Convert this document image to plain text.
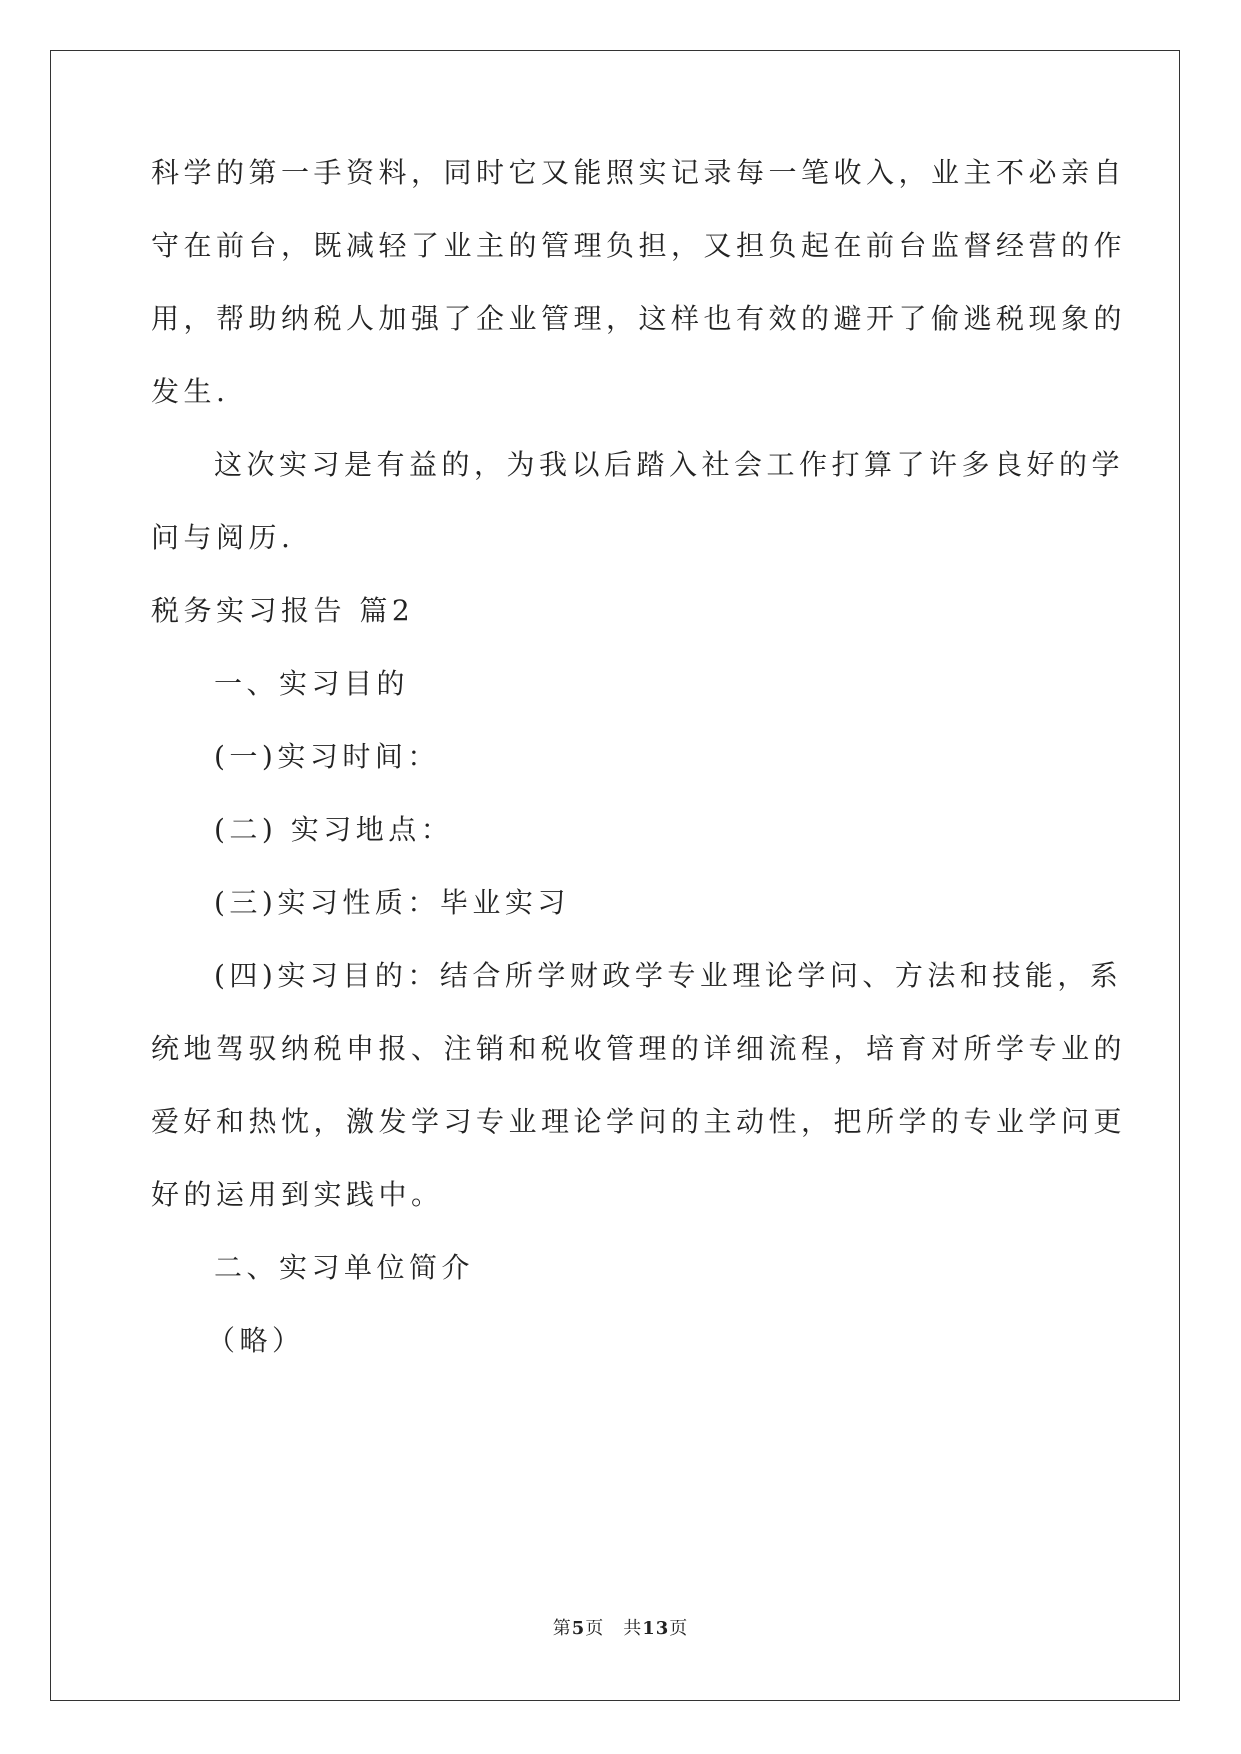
科学的第一手资料，同时它又能照实记录每一笔收入，业主不必亲自
守在前台，既减轻了业主的管理负担，又担负起在前台监督经营的作
用，帮助纳税人加强了企业管理，这样也有效的避开了偷逃税现象的
发生.
这次实习是有益的，为我以后踏入社会工作打算了许多良好的学
问与阅历.
税务实习报告 篇2
一、实习目的
(一)实习时间：
(二) 实习地点：
(三)实习性质：毕业实习
(四)实习目的：结合所学财政学专业理论学问、方法和技能，系
统地驾驭纳税申报、注销和税收管理的详细流程，培育对所学专业的
爱好和热忱，激发学习专业理论学问的主动性，把所学的专业学问更
好的运用到实践中。
二、实习单位简介
（略）
第5页　共13页
